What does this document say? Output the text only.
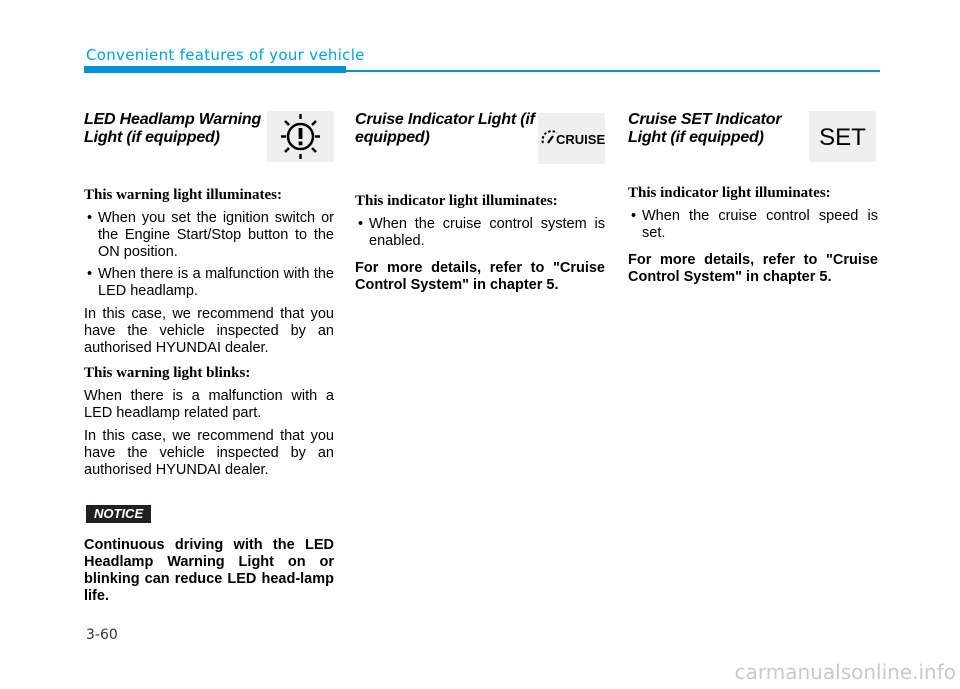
Convenient features of your vehicle
LED Headlamp Warning Light (if equipped)
This warning light illuminates:
• When you set the ignition switch or the Engine Start/Stop button to the ON position.
• When there is a malfunction with the LED headlamp.

In this case, we recommend that you have the vehicle inspected by an authorised HYUNDAI dealer.

This warning light blinks:

When there is a malfunction with a LED headlamp related part.

In this case, we recommend that you have the vehicle inspected by an authorised HYUNDAI dealer.

NOTICE

Continuous driving with the LED Headlamp Warning Light on or blinking can reduce LED head-lamp life.

Cruise Indicator Light (if equipped)	CRUISE
This indicator light illuminates:
• When the cruise control system is enabled.

For more details, refer to "Cruise Control System" in chapter 5.

Cruise SET Indicator Light (if equipped)	SET
This indicator light illuminates:
• When the cruise control speed is set.

For more details, refer to "Cruise Control System" in chapter 5.

3-60
carmanualsonline.info
